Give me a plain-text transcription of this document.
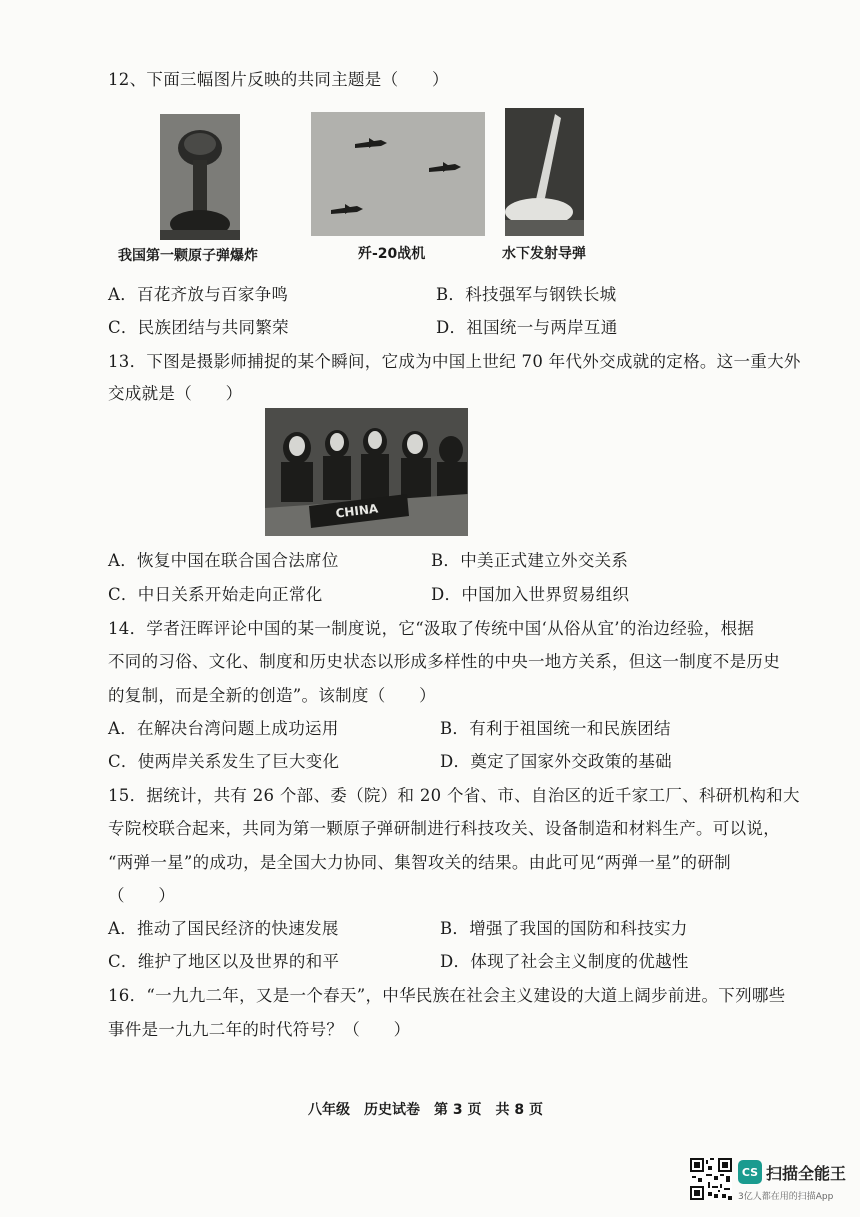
12、下面三幅图片反映的共同主题是（　　）
我国第一颗原子弹爆炸	歼-20战机	水下发射导弹
A．百花齐放与百家争鸣	B．科技强军与钢铁长城
C．民族团结与共同繁荣	D．祖国统一与两岸互通
13．下图是摄影师捕捉的某个瞬间，它成为中国上世纪 70 年代外交成就的定格。这一重大外
交成就是（　　）
CHINA
A．恢复中国在联合国合法席位	B．中美正式建立外交关系
C．中日关系开始走向正常化	D．中国加入世界贸易组织
14．学者汪晖评论中国的某一制度说，它“汲取了传统中国‘从俗从宜’的治边经验，根据
不同的习俗、文化、制度和历史状态以形成多样性的中央一地方关系，但这一制度不是历史
的复制，而是全新的创造”。该制度（　　）
A．在解决台湾问题上成功运用	B．有利于祖国统一和民族团结
C．使两岸关系发生了巨大变化	D．奠定了国家外交政策的基础
15．据统计，共有 26 个部、委（院）和 20 个省、市、自治区的近千家工厂、科研机构和大
专院校联合起来，共同为第一颗原子弹研制进行科技攻关、设备制造和材料生产。可以说，
“两弹一星”的成功，是全国大力协同、集智攻关的结果。由此可见“两弹一星”的研制
（　　）
A．推动了国民经济的快速发展	B．增强了我国的国防和科技实力
C．维护了地区以及世界的和平	D．体现了社会主义制度的优越性
16．“一九九二年，又是一个春天”，中华民族在社会主义建设的大道上阔步前进。下列哪些
事件是一九九二年的时代符号？（　　）
八年级　历史试卷　第 3 页　共 8 页
CS 扫描全能王
3亿人都在用的扫描App
